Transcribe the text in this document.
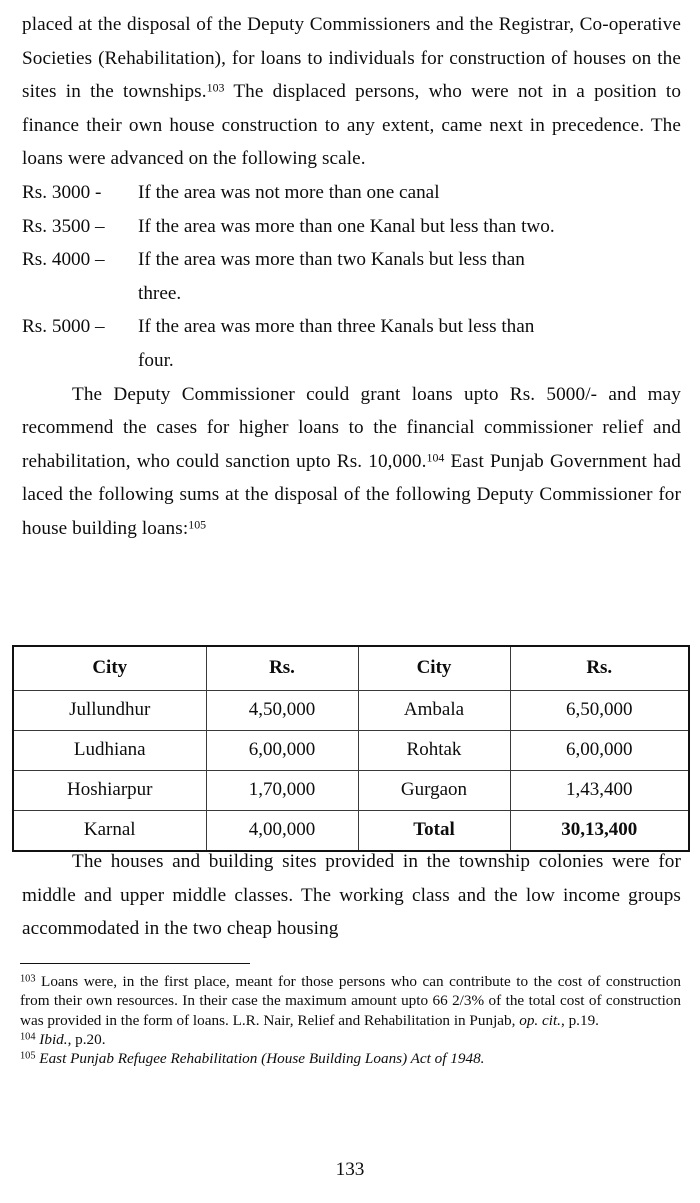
placed at the disposal of the Deputy Commissioners and the Registrar, Co-operative Societies (Rehabilitation), for loans to individuals for construction of houses on the sites in the townships.$^{103}$ The displaced persons, who were not in a position to finance their own house construction to any extent, came next in precedence. The loans were advanced on the following scale.

Rs. 3000 -	If the area was not more than one canal
Rs. 3500 –	If the area was more than one Kanal but less than two.
Rs. 4000 –	If the area was more than two Kanals but less than
three.
Rs. 5000 –	If the area was more than three Kanals but less than
four.

The Deputy Commissioner could grant loans upto Rs. 5000/- and may recommend the cases for higher loans to the financial commissioner relief and rehabilitation, who could sanction upto Rs. 10,000.$^{104}$ East Punjab Government had laced the following sums at the disposal of the following Deputy Commissioner for house building loans:$^{105}$

City	Rs.	City	Rs.
Jullundhur	4,50,000	Ambala	6,50,000
Ludhiana	6,00,000	Rohtak	6,00,000
Hoshiarpur	1,70,000	Gurgaon	1,43,400
Karnal	4,00,000	Total	30,13,400

The houses and building sites provided in the township colonies were for middle and upper middle classes. The working class and the low income groups accommodated in the two cheap housing

$^{103}$ Loans were, in the first place, meant for those persons who can contribute to the cost of construction from their own resources. In their case the maximum amount upto 66 2/3% of the total cost of construction was provided in the form of loans. L.R. Nair, Relief and Rehabilitation in Punjab, op. cit., p.19.

$^{104}$ Ibid., p.20.

$^{105}$ East Punjab Refugee Rehabilitation (House Building Loans) Act of 1948.

133
